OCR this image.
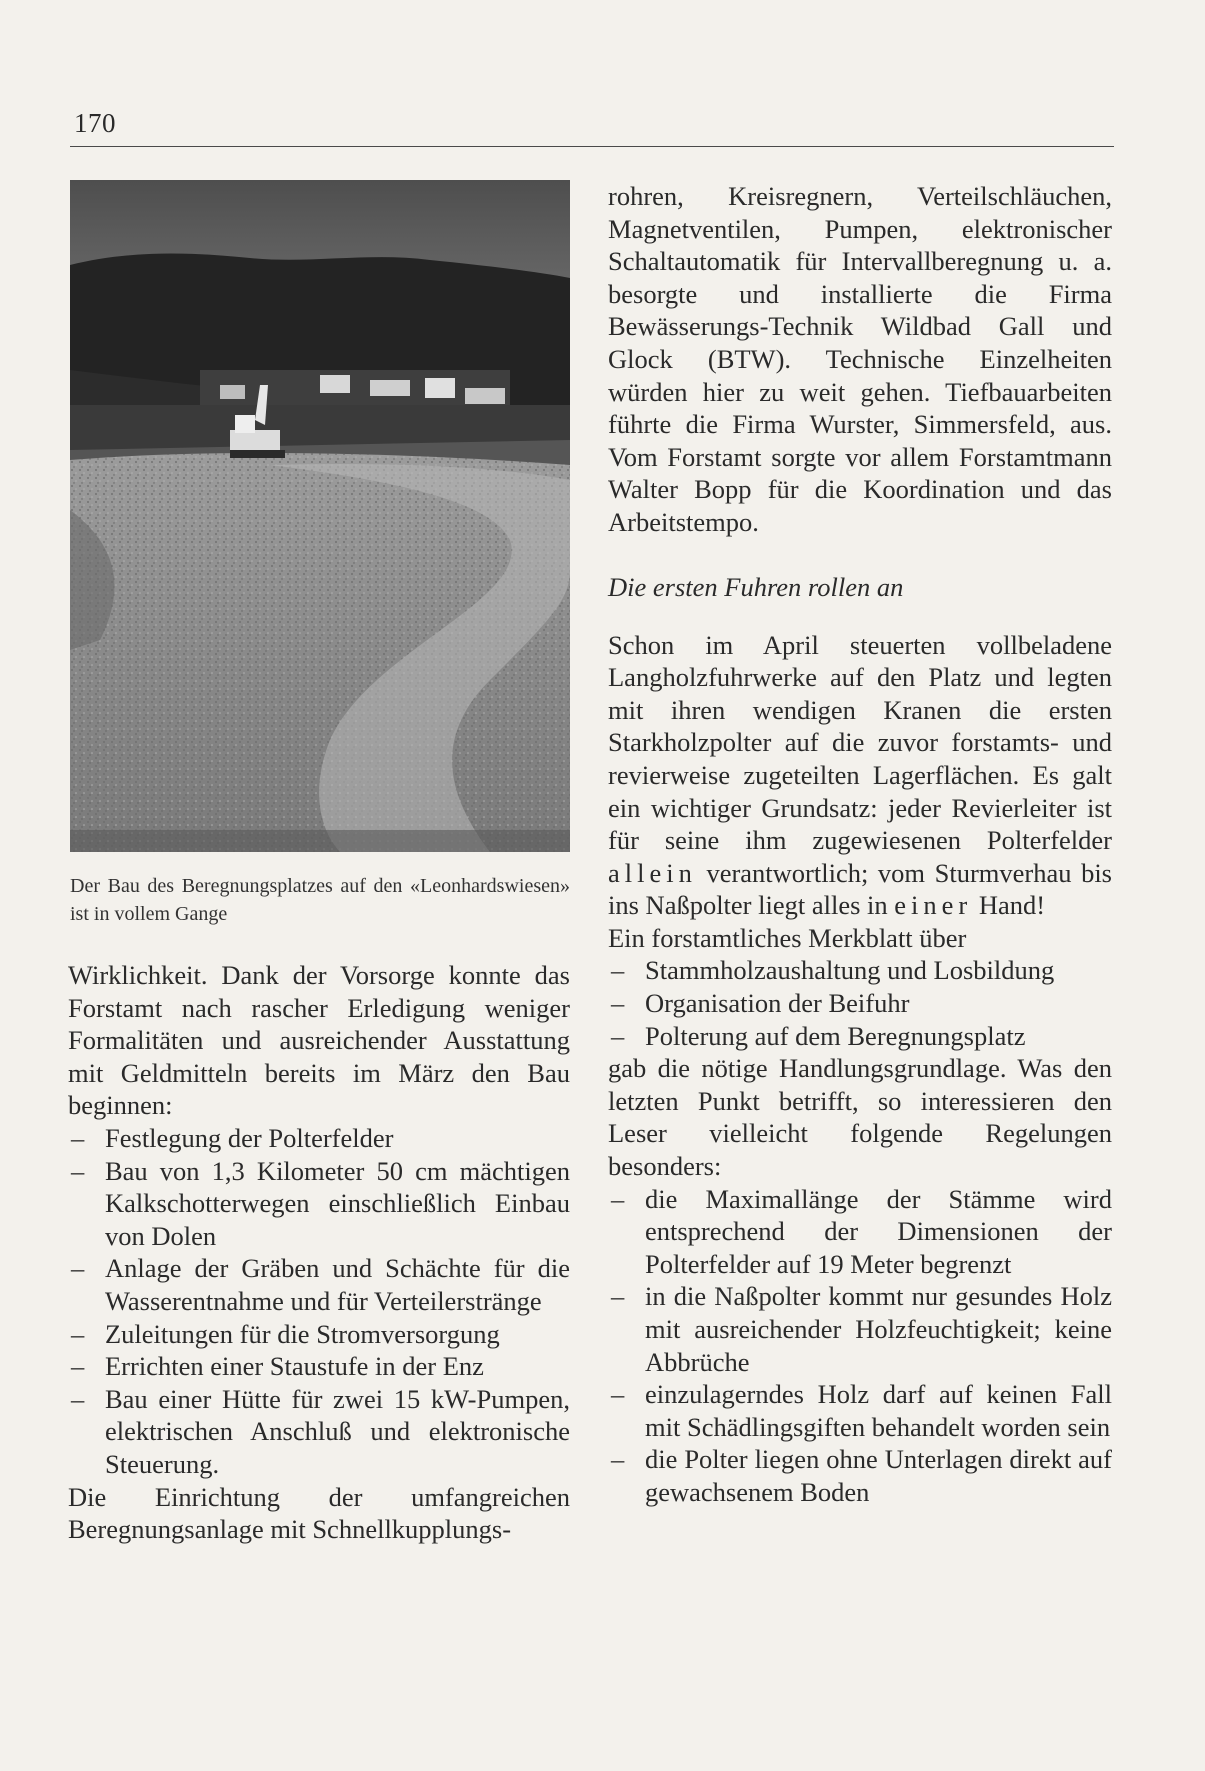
170
Der Bau des Beregnungsplatzes auf den «Leonhardswiesen» ist in vollem Gange

Wirklichkeit. Dank der Vorsorge konnte das Forstamt nach rascher Erledigung weniger Formalitäten und ausreichender Ausstattung mit Geldmitteln bereits im März den Bau beginnen:

– Festlegung der Polterfelder
– Bau von 1,3 Kilometer 50 cm mächtigen Kalkschotterwegen einschließlich Einbau von Dolen
– Anlage der Gräben und Schächte für die Wasserentnahme und für Verteilerstränge
– Zuleitungen für die Stromversorgung
– Errichten einer Staustufe in der Enz
– Bau einer Hütte für zwei 15 kW-Pumpen, elektrischen Anschluß und elektronische Steuerung.

Die Einrichtung der umfangreichen Beregnungsanlage mit Schnellkupplungs-

rohren, Kreisregnern, Verteilschläuchen, Magnetventilen, Pumpen, elektronischer Schaltautomatik für Intervallberegnung u. a. besorgte und installierte die Firma Bewässerungs-Technik Wildbad Gall und Glock (BTW). Technische Einzelheiten würden hier zu weit gehen. Tiefbauarbeiten führte die Firma Wurster, Simmersfeld, aus. Vom Forstamt sorgte vor allem Forstamtmann Walter Bopp für die Koordination und das Arbeitstempo.

Die ersten Fuhren rollen an

Schon im April steuerten vollbeladene Langholzfuhrwerke auf den Platz und legten mit ihren wendigen Kranen die ersten Starkholzpolter auf die zuvor forstamts- und revierweise zugeteilten Lagerflächen. Es galt ein wichtiger Grundsatz: jeder Revierleiter ist für seine ihm zugewiesenen Polterfelder allein verantwortlich; vom Sturmverhau bis ins Naßpolter liegt alles in einer Hand!

Ein forstamtliches Merkblatt über

– Stammholzaushaltung und Losbildung
– Organisation der Beifuhr
– Polterung auf dem Beregnungsplatz

gab die nötige Handlungsgrundlage. Was den letzten Punkt betrifft, so interessieren den Leser vielleicht folgende Regelungen besonders:

– die Maximallänge der Stämme wird entsprechend der Dimensionen der Polterfelder auf 19 Meter begrenzt
– in die Naßpolter kommt nur gesundes Holz mit ausreichender Holzfeuchtigkeit; keine Abbrüche
– einzulagerndes Holz darf auf keinen Fall mit Schädlingsgiften behandelt worden sein
– die Polter liegen ohne Unterlagen direkt auf gewachsenem Boden
